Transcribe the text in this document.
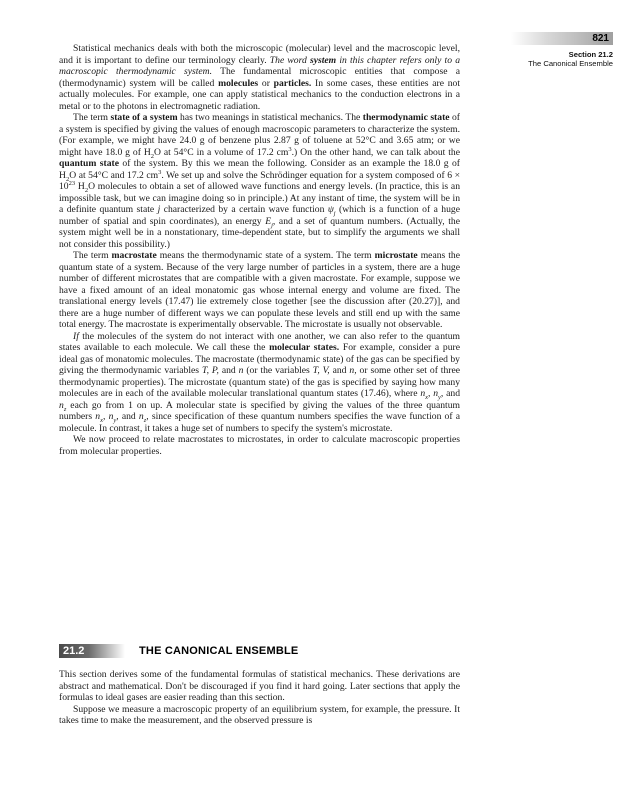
821
Section 21.2
The Canonical Ensemble

Statistical mechanics deals with both the microscopic (molecular) level and the macroscopic level, and it is important to define our terminology clearly. The word system in this chapter refers only to a macroscopic thermodynamic system. The fundamental microscopic entities that compose a (thermodynamic) system will be called molecules or particles. In some cases, these entities are not actually molecules. For example, one can apply statistical mechanics to the conduction electrons in a metal or to the photons in electromagnetic radiation.

The term state of a system has two meanings in statistical mechanics. The thermodynamic state of a system is specified by giving the values of enough macroscopic parameters to characterize the system. (For example, we might have 24.0 g of benzene plus 2.87 g of toluene at 52°C and 3.65 atm; or we might have 18.0 g of $H_2O$ at 54°C in a volume of 17.2 $cm^3$.) On the other hand, we can talk about the quantum state of the system. By this we mean the following. Consider as an example the 18.0 g of $H_2O$ at 54°C and 17.2 $cm^3$. We set up and solve the Schrödinger equation for a system composed of $6 \times 10^{23}$ $H_2O$ molecules to obtain a set of allowed wave functions and energy levels. (In practice, this is an impossible task, but we can imagine doing so in principle.) At any instant of time, the system will be in a definite quantum state j characterized by a certain wave function $\psi_j$ (which is a function of a huge number of spatial and spin coordinates), an energy $E_j$, and a set of quantum numbers. (Actually, the system might well be in a nonstationary, time-dependent state, but to simplify the arguments we shall not consider this possibility.)

The term macrostate means the thermodynamic state of a system. The term microstate means the quantum state of a system. Because of the very large number of particles in a system, there are a huge number of different microstates that are compatible with a given macrostate. For example, suppose we have a fixed amount of an ideal monatomic gas whose internal energy and volume are fixed. The translational energy levels (17.47) lie extremely close together [see the discussion after (20.27)], and there are a huge number of different ways we can populate these levels and still end up with the same total energy. The macrostate is experimentally observable. The microstate is usually not observable.

If the molecules of the system do not interact with one another, we can also refer to the quantum states available to each molecule. We call these the molecular states. For example, consider a pure ideal gas of monatomic molecules. The macrostate (thermodynamic state) of the gas can be specified by giving the thermodynamic variables T, P, and n (or the variables T, V, and n, or some other set of three thermodynamic properties). The microstate (quantum state) of the gas is specified by saying how many molecules are in each of the available molecular translational quantum states (17.46), where $n_x$, $n_y$, and $n_z$ each go from 1 on up. A molecular state is specified by giving the values of the three quantum numbers $n_x$, $n_y$, and $n_z$, since specification of these quantum numbers specifies the wave function of a molecule. In contrast, it takes a huge set of numbers to specify the system's microstate.

We now proceed to relate macrostates to microstates, in order to calculate macroscopic properties from molecular properties.

21.2	THE CANONICAL ENSEMBLE

This section derives some of the fundamental formulas of statistical mechanics. These derivations are abstract and mathematical. Don't be discouraged if you find it hard going. Later sections that apply the formulas to ideal gases are easier reading than this section.

Suppose we measure a macroscopic property of an equilibrium system, for example, the pressure. It takes time to make the measurement, and the observed pressure is
